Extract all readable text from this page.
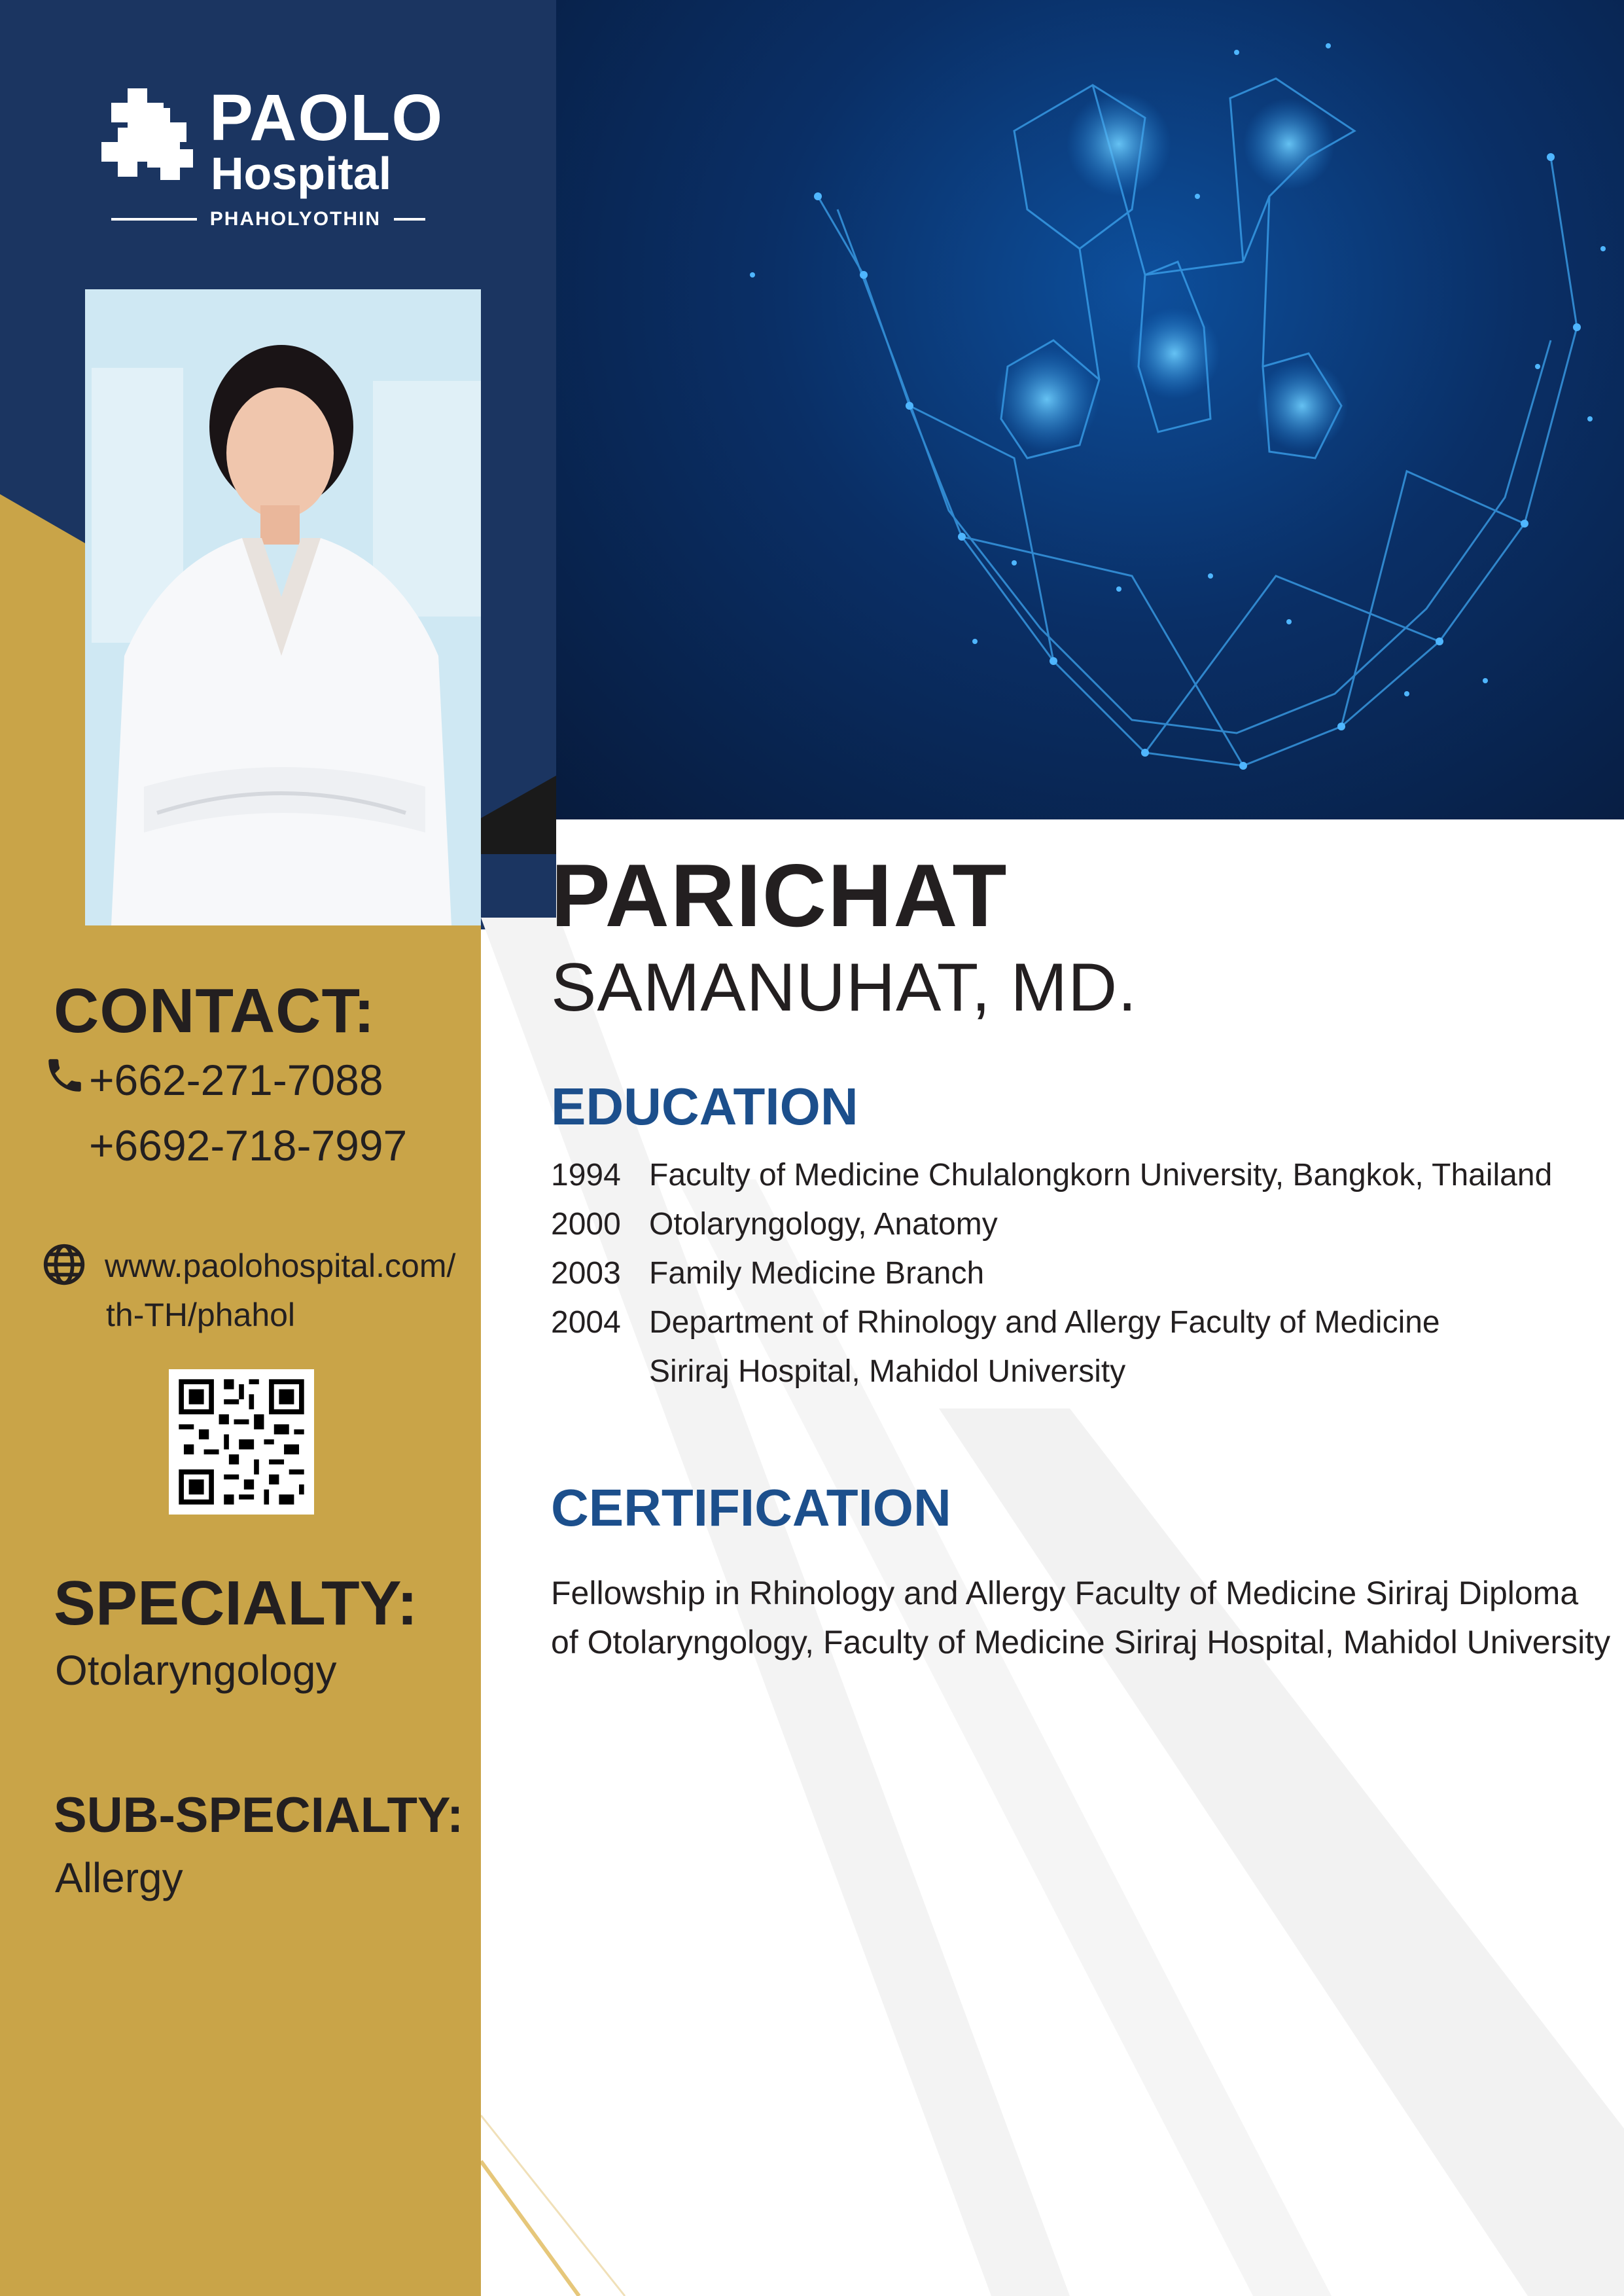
PAOLO
Hospital
PHAHOLYOTHIN
CONTACT:
+662-271-7088
+6692-718-7997
www.paolohospital.com/
th-TH/phahol
SPECIALTY:
Otolaryngology
SUB-SPECIALTY:
Allergy
PARICHAT
SAMANUHAT, MD.
EDUCATION
1994 Faculty of Medicine Chulalongkorn University, Bangkok, Thailand
2000 Otolaryngology, Anatomy
2003 Family Medicine Branch
2004 Department of Rhinology and Allergy Faculty of Medicine
Siriraj Hospital, Mahidol University
CERTIFICATION
Fellowship in Rhinology and Allergy Faculty of Medicine Siriraj Diploma
of Otolaryngology, Faculty of Medicine Siriraj Hospital, Mahidol University
